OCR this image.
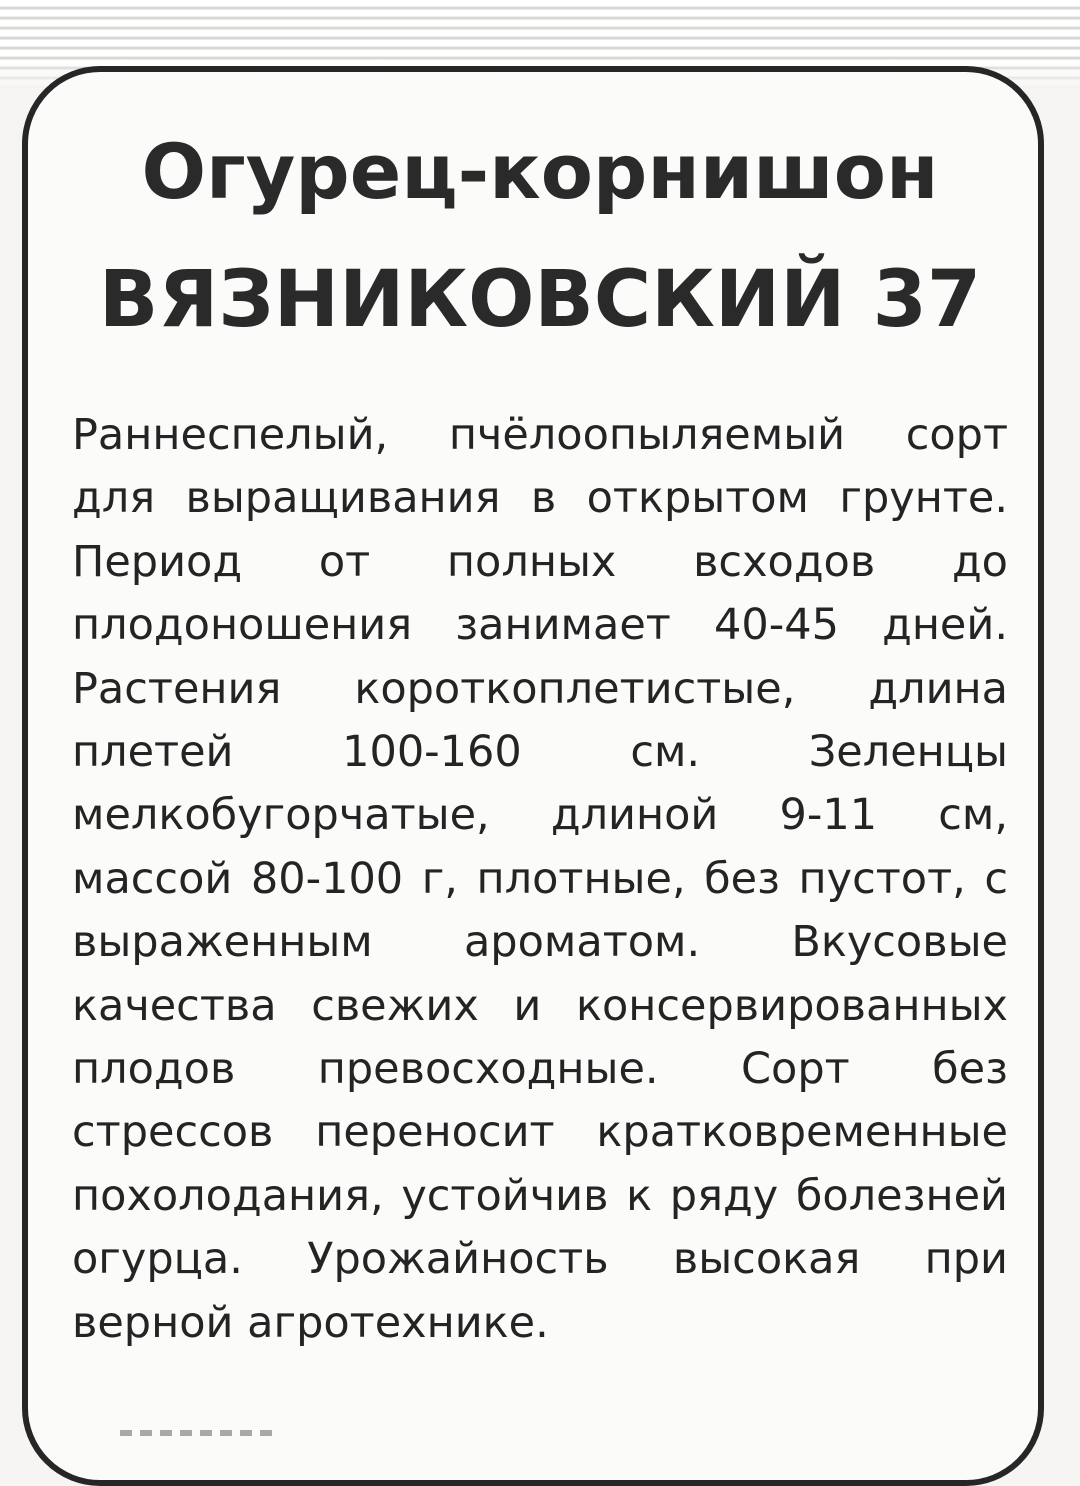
Огурец-корнишон
ВЯЗНИКОВСКИЙ 37
Раннеспелый, пчёлоопыляемый сорт для выращивания в открытом грунте. Период от полных всходов до плодоношения занимает 40-45 дней. Растения короткоплетистые, длина плетей 100-160 см. Зеленцы мелкобугорчатые, длиной 9-11 см, массой 80-100 г, плотные, без пустот, с выраженным ароматом. Вкусовые качества свежих и консервированных плодов превосходные. Сорт без стрессов переносит кратковременные похолодания, устойчив к ряду болезней огурца. Урожайность высокая при верной агротехнике.
